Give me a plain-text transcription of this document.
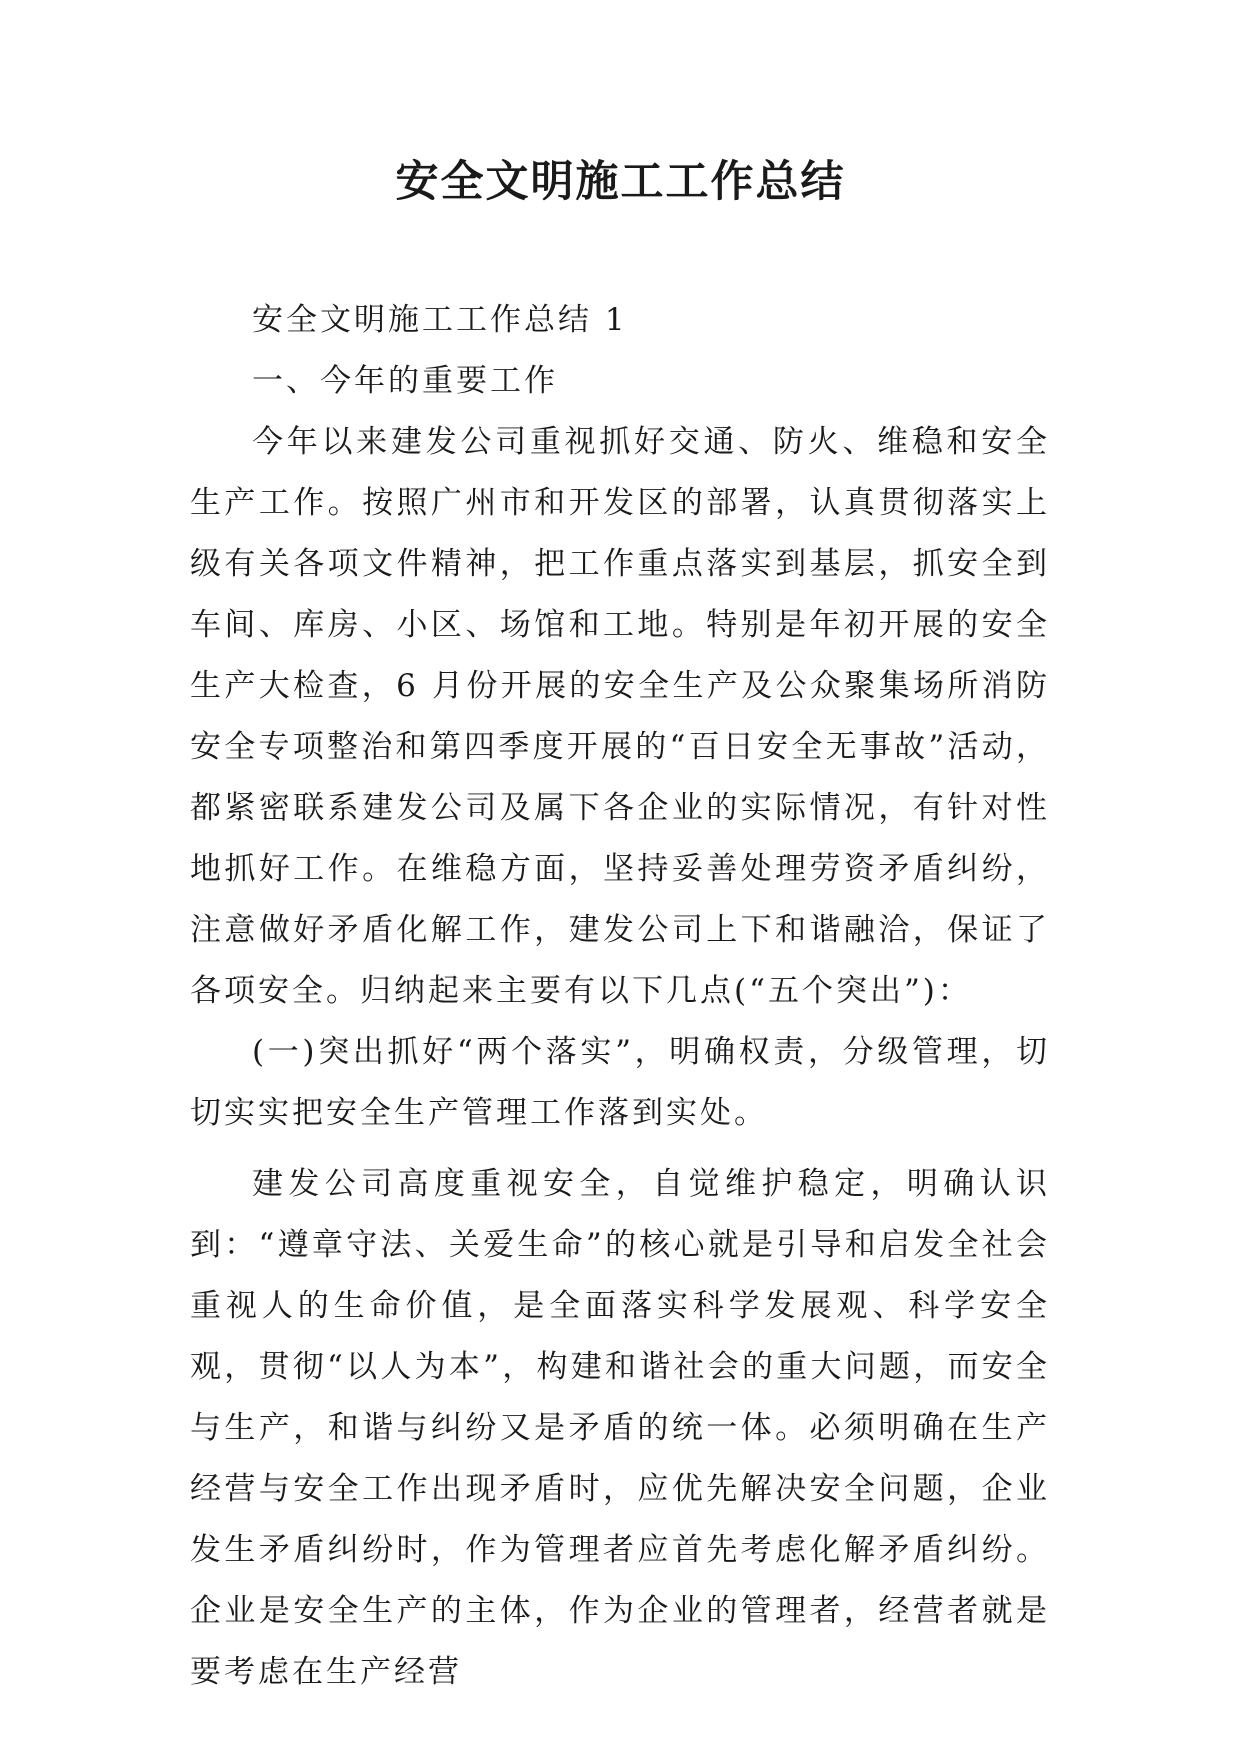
安全文明施工工作总结

安全文明施工工作总结 1

一、今年的重要工作

今年以来建发公司重视抓好交通、防火、维稳和安全生产工作。按照广州市和开发区的部署，认真贯彻落实上级有关各项文件精神，把工作重点落实到基层，抓安全到车间、库房、小区、场馆和工地。特别是年初开展的安全生产大检查，6 月份开展的安全生产及公众聚集场所消防安全专项整治和第四季度开展的“百日安全无事故”活动，都紧密联系建发公司及属下各企业的实际情况，有针对性地抓好工作。在维稳方面，坚持妥善处理劳资矛盾纠纷，注意做好矛盾化解工作，建发公司上下和谐融洽，保证了各项安全。归纳起来主要有以下几点(“五个突出”)：

(一)突出抓好“两个落实”，明确权责，分级管理，切切实实把安全生产管理工作落到实处。

建发公司高度重视安全，自觉维护稳定，明确认识到：“遵章守法、关爱生命”的核心就是引导和启发全社会重视人的生命价值，是全面落实科学发展观、科学安全观，贯彻“以人为本”，构建和谐社会的重大问题，而安全与生产，和谐与纠纷又是矛盾的统一体。必须明确在生产经营与安全工作出现矛盾时，应优先解决安全问题，企业发生矛盾纠纷时，作为管理者应首先考虑化解矛盾纠纷。企业是安全生产的主体，作为企业的管理者，经营者就是要考虑在生产经营
